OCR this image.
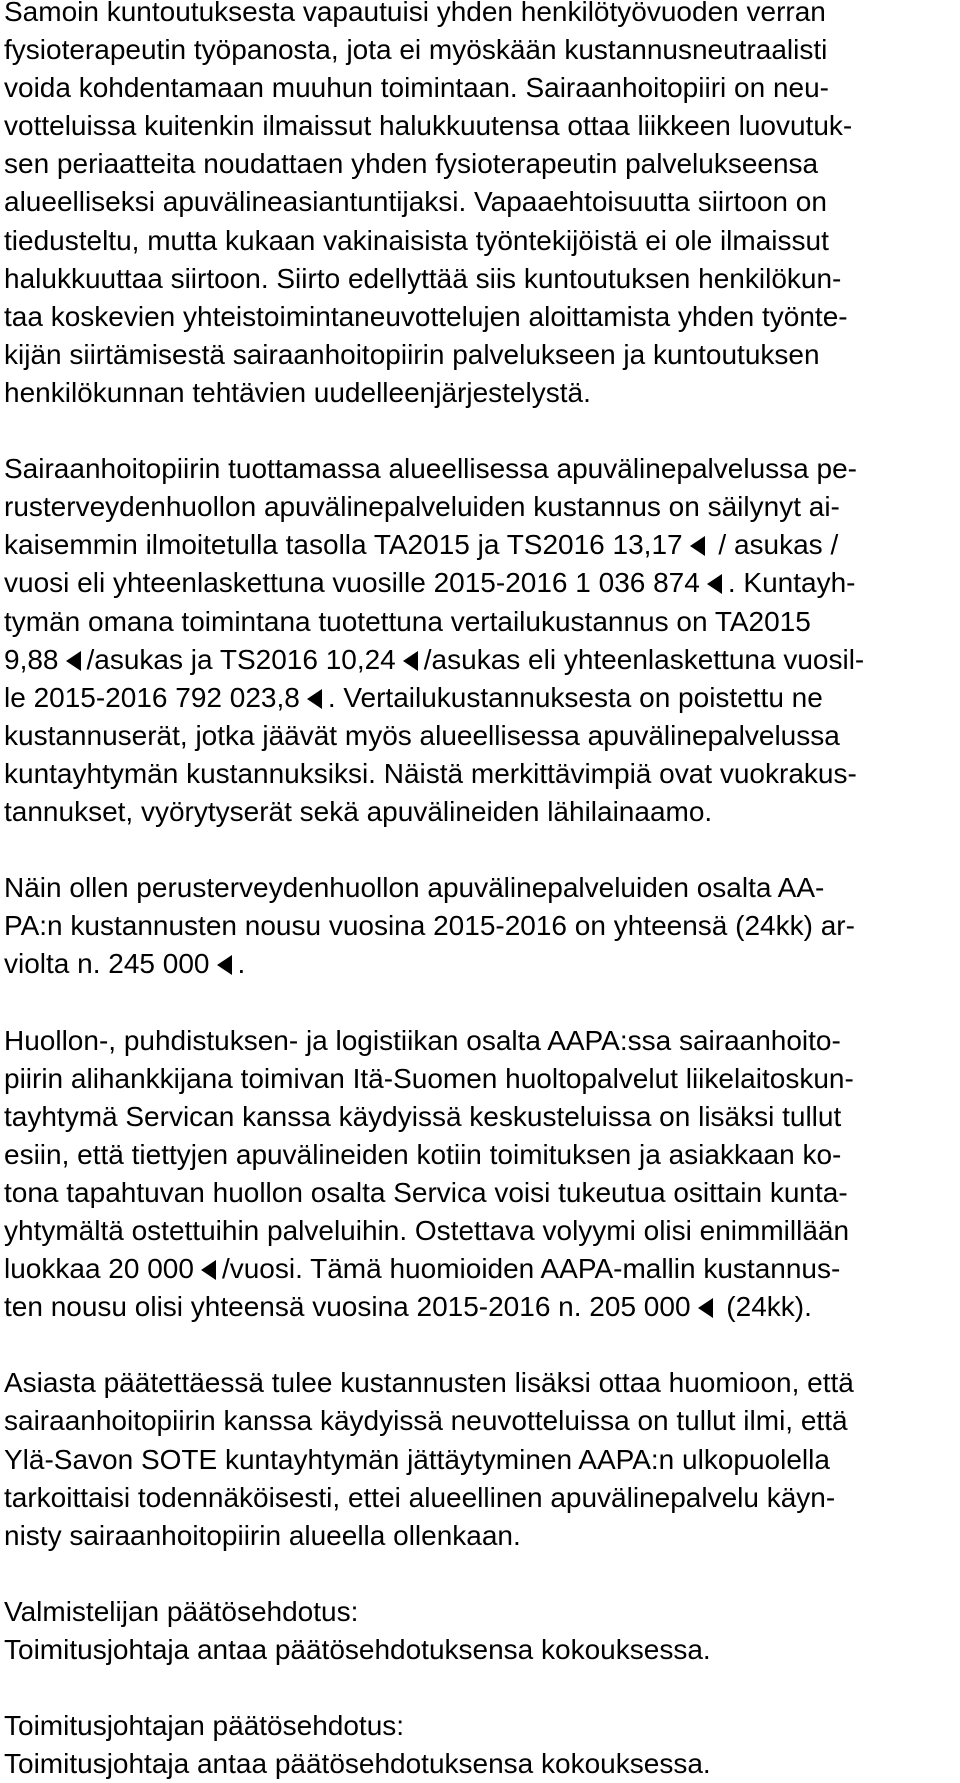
Samoin kuntoutuksesta vapautuisi yhden henkilötyövuoden verran
fysioterapeutin työpanosta, jota ei myöskään kustannusneutraalisti
voida kohdentamaan muuhun toimintaan. Sairaanhoitopiiri on neu-
votteluissa kuitenkin ilmaissut halukkuutensa ottaa liikkeen luovutuk-
sen periaatteita noudattaen yhden fysioterapeutin palvelukseensa
alueelliseksi apuvälineasiantuntijaksi. Vapaaehtoisuutta siirtoon on
tiedusteltu, mutta kukaan vakinaisista työntekijöistä ei ole ilmaissut
halukkuuttaa siirtoon. Siirto edellyttää siis kuntoutuksen henkilökun-
taa koskevien yhteistoimintaneuvottelujen aloittamista yhden työnte-
kijän siirtämisestä sairaanhoitopiirin palvelukseen ja kuntoutuksen
henkilökunnan tehtävien uudelleenjärjestelystä.
Sairaanhoitopiirin tuottamassa alueellisessa apuvälinepalvelussa pe-
rusterveydenhuollon apuvälinepalveluiden kustannus on säilynyt ai-
kaisemmin ilmoitetulla tasolla TA2015 ja TS2016 13,17 / asukas /
vuosi eli yhteenlaskettuna vuosille 2015-2016 1 036 874 . Kuntayh-
tymän omana toimintana tuotettuna vertailukustannus on TA2015
9,88 /asukas ja TS2016 10,24 /asukas eli yhteenlaskettuna vuosil-
le 2015-2016 792 023,8 . Vertailukustannuksesta on poistettu ne
kustannuserät, jotka jäävät myös alueellisessa apuvälinepalvelussa
kuntayhtymän kustannuksiksi. Näistä merkittävimpiä ovat vuokrakus-
tannukset, vyörytyserät sekä apuvälineiden lähilainaamo.
Näin ollen perusterveydenhuollon apuvälinepalveluiden osalta AA-
PA:n kustannusten nousu vuosina 2015-2016 on yhteensä (24kk) ar-
violta n. 245 000 .
Huollon-, puhdistuksen- ja logistiikan osalta AAPA:ssa sairaanhoito-
piirin alihankkijana toimivan Itä-Suomen huoltopalvelut liikelaitoskun-
tayhtymä Servican kanssa käydyissä keskusteluissa on lisäksi tullut
esiin, että tiettyjen apuvälineiden kotiin toimituksen ja asiakkaan ko-
tona tapahtuvan huollon osalta Servica voisi tukeutua osittain kunta-
yhtymältä ostettuihin palveluihin. Ostettava volyymi olisi enimmillään
luokkaa 20 000 /vuosi. Tämä huomioiden AAPA-mallin kustannus-
ten nousu olisi yhteensä vuosina 2015-2016 n. 205 000 (24kk).
Asiasta päätettäessä tulee kustannusten lisäksi ottaa huomioon, että
sairaanhoitopiirin kanssa käydyissä neuvotteluissa on tullut ilmi, että
Ylä-Savon SOTE kuntayhtymän jättäytyminen AAPA:n ulkopuolella
tarkoittaisi todennäköisesti, ettei alueellinen apuvälinepalvelu käyn-
nisty sairaanhoitopiirin alueella ollenkaan.
Valmistelijan päätösehdotus:
Toimitusjohtaja antaa päätösehdotuksensa kokouksessa.
Toimitusjohtajan päätösehdotus:
Toimitusjohtaja antaa päätösehdotuksensa kokouksessa.
